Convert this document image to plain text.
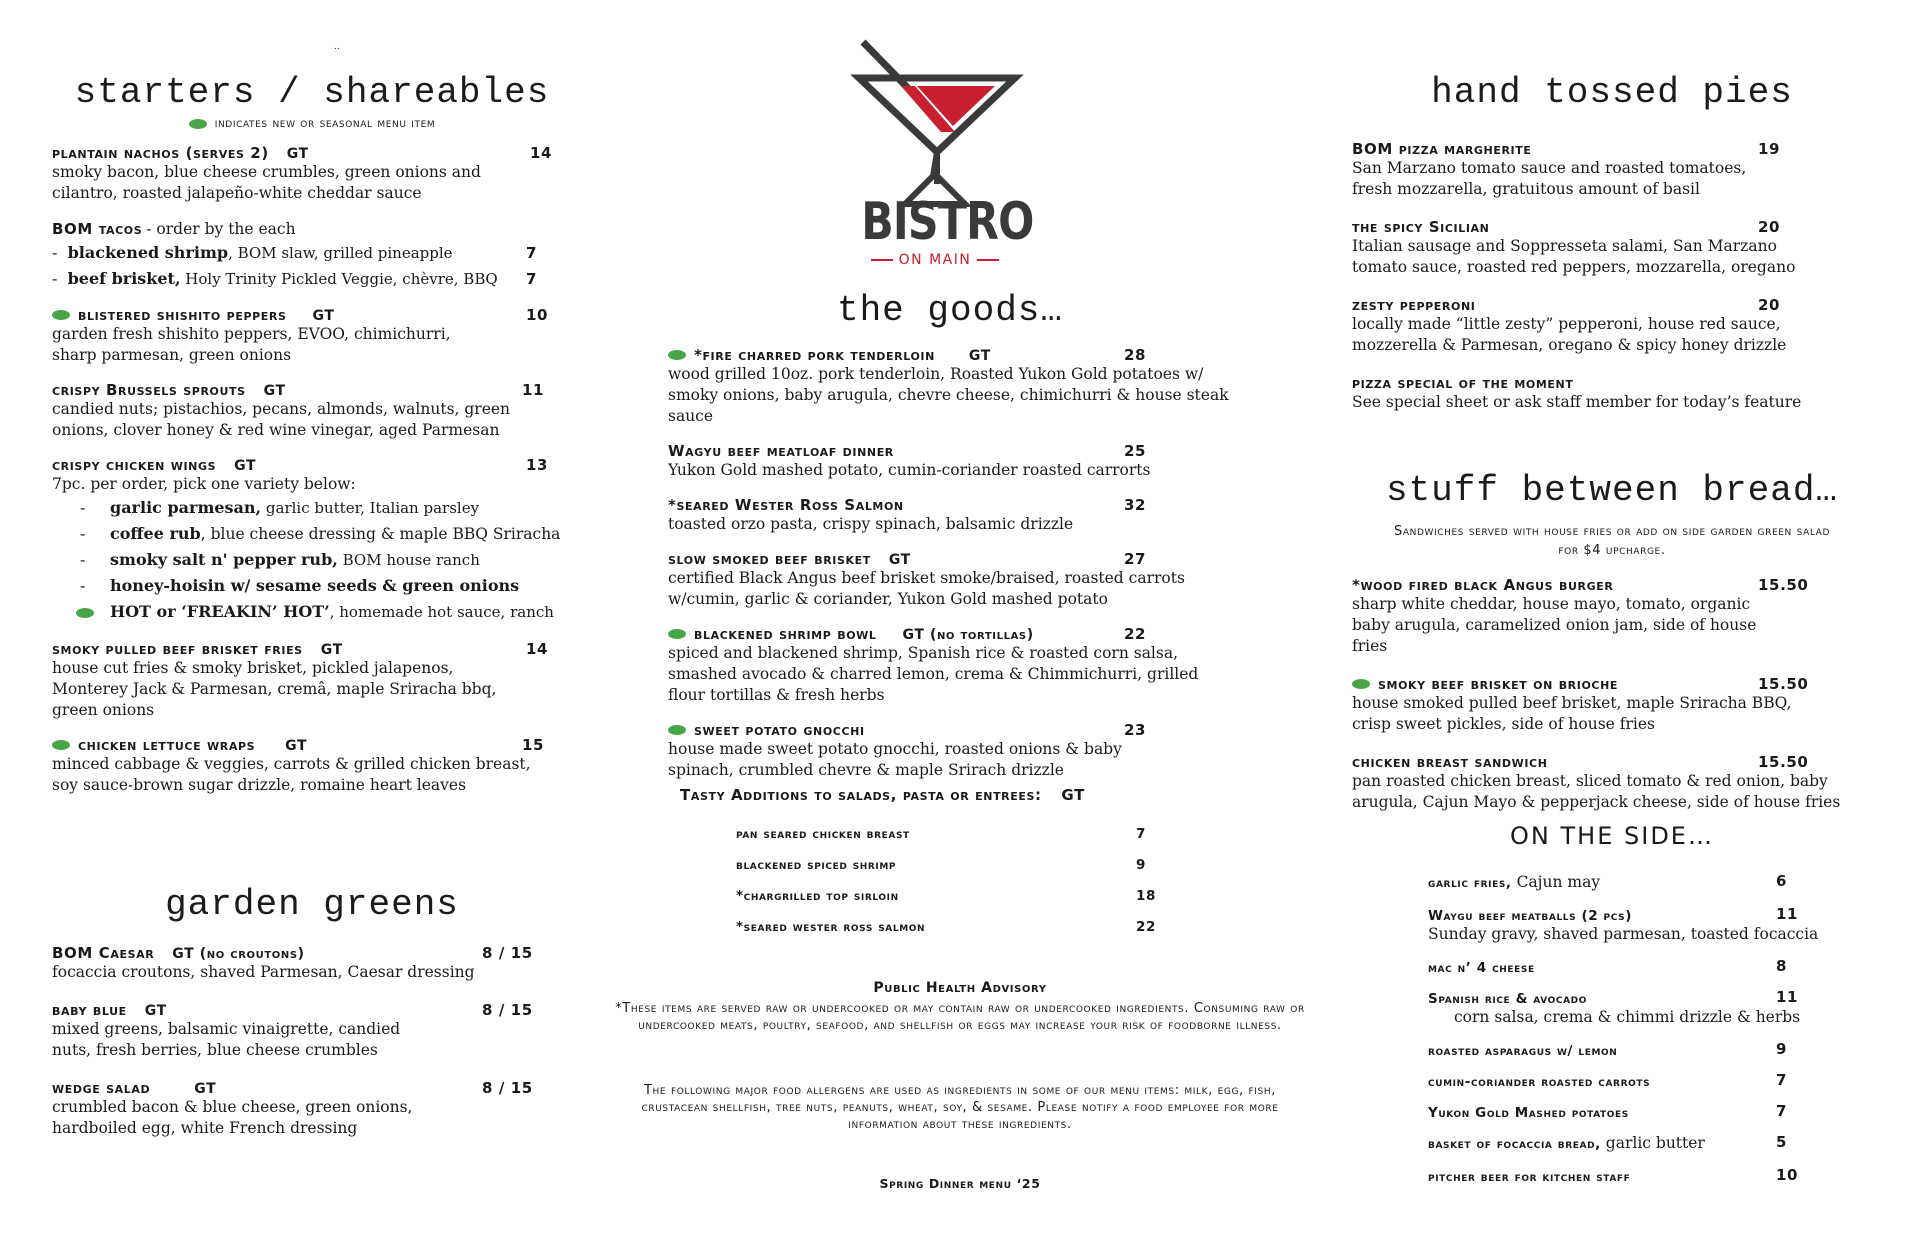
..
starters / shareables
indicates new or seasonal menu item
plantain nachos (serves 2) GT	14
smoky bacon, blue cheese crumbles, green onions and cilantro, roasted jalapeño-white cheddar sauce
BOM tacos - order by the each
-  blackened shrimp, BOM slaw, grilled pineapple	7
-  beef brisket, Holy Trinity Pickled Veggie, chèvre, BBQ 7
blistered shishito peppers GT	10
garden fresh shishito peppers, EVOO, chimichurri, sharp parmesan, green onions
crispy Brussels sprouts GT	11
candied nuts; pistachios, pecans, almonds, walnuts, green onions, clover honey & red wine vinegar, aged Parmesan
crispy chicken wings GT	13
7pc. per order, pick one variety below:
-	garlic parmesan, garlic butter, Italian parsley
-	coffee rub, blue cheese dressing & maple BBQ Sriracha
-	smoky salt n' pepper rub, BOM house ranch
-	honey-hoisin w/ sesame seeds & green onions
HOT or ‘FREAKIN’ HOT’, homemade hot sauce, ranch
smoky pulled beef brisket fries GT	14
house cut fries & smoky brisket, pickled jalapenos, Monterey Jack & Parmesan, cremâ, maple Sriracha bbq, green onions
chicken lettuce wraps GT	15
minced cabbage & veggies, carrots & grilled chicken breast, soy sauce-brown sugar drizzle, romaine heart leaves
garden greens
BOM Caesar GT (no croutons)	8 / 15
focaccia croutons, shaved Parmesan, Caesar dressing
baby blue GT	8 / 15
mixed greens, balsamic vinaigrette, candied nuts, fresh berries, blue cheese crumbles
wedge salad	GT	8 / 15
crumbled bacon & blue cheese, green onions, hardboiled egg, white French dressing
BISTRO
ON MAIN
the goods…
*fire charred pork tenderloin GT	28
wood grilled 10oz. pork tenderloin, Roasted Yukon Gold potatoes w/ smoky onions, baby arugula, chevre cheese, chimichurri & house steak sauce
Wagyu beef meatloaf dinner	25
Yukon Gold mashed potato, cumin-coriander roasted carrorts
*seared Wester Ross Salmon	32
toasted orzo pasta, crispy spinach, balsamic drizzle
slow smoked beef brisket GT	27
certified Black Angus beef brisket smoke/braised, roasted carrots w/cumin, garlic & coriander, Yukon Gold mashed potato
blackened shrimp bowl GT (no tortillas)	22
spiced and blackened shrimp, Spanish rice & roasted corn salsa, smashed avocado & charred lemon, crema & Chimmichurri, grilled flour tortillas & fresh herbs
sweet potato gnocchi	23
house made sweet potato gnocchi, roasted onions & baby spinach, crumbled chevre & maple Srirach drizzle
Tasty Additions to salads, pasta or entrees: GT
pan seared chicken breast	7
blackened spiced shrimp	9
*chargrilled top sirloin	18
*seared wester ross salmon	22
Public Health Advisory
*These items are served raw or undercooked or may contain raw or undercooked ingredients. Consuming raw or undercooked meats, poultry, seafood, and shellfish or eggs may increase your risk of foodborne illness.
The following major food allergens are used as ingredients in some of our menu items: milk, egg, fish, crustacean shellfish, tree nuts, peanuts, wheat, soy, & sesame. Please notify a food employee for more information about these ingredients.
Spring Dinner menu ‘25
hand tossed pies
BOM pizza margherite	19
San Marzano tomato sauce and roasted tomatoes, fresh mozzarella, gratuitous amount of basil
the spicy Sicilian	20
Italian sausage and Soppresseta salami, San Marzano tomato sauce, roasted red peppers, mozzarella, oregano
zesty pepperoni	20
locally made “little zesty” pepperoni, house red sauce, mozzerella & Parmesan, oregano & spicy honey drizzle
pizza special of the moment
See special sheet or ask staff member for today’s feature
stuff between bread…
Sandwiches served with house fries or add on side garden green salad for $4 upcharge.
*wood fired black Angus burger	15.50
sharp white cheddar, house mayo, tomato, organic baby arugula, caramelized onion jam, side of house fries
smoky beef brisket on brioche	15.50
house smoked pulled beef brisket, maple Sriracha BBQ, crisp sweet pickles, side of house fries
chicken breast sandwich	15.50
pan roasted chicken breast, sliced tomato & red onion, baby arugula, Cajun Mayo & pepperjack cheese, side of house fries
ON THE SIDE…
garlic fries, Cajun may	6
Waygu beef meatballs (2 pcs)	11
Sunday gravy, shaved parmesan, toasted focaccia
mac n’ 4 cheese	8
Spanish rice & avocado	11
corn salsa, crema & chimmi drizzle & herbs
roasted asparagus w/ lemon	9
cumin-coriander roasted carrots	7
Yukon Gold Mashed potatoes	7
basket of focaccia bread, garlic butter	5
pitcher beer for kitchen staff	10
